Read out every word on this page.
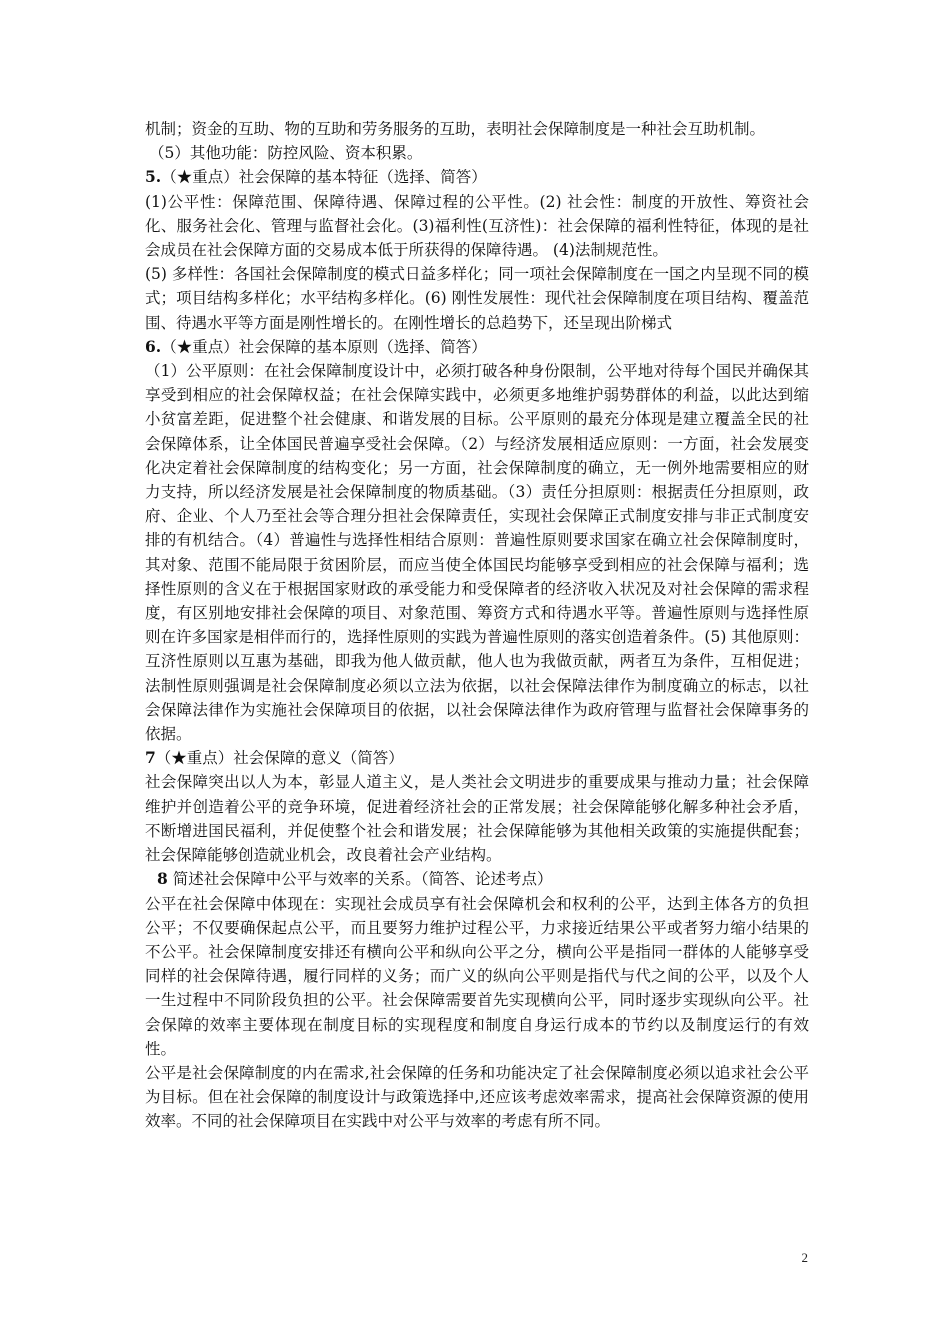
机制；资金的互助、物的互助和劳务服务的互助，表明社会保障制度是一种社会互助机制。

（5）其他功能：防控风险、资本积累。

5.（★重点）社会保障的基本特征（选择、简答）

(1)公平性：保障范围、保障待遇、保障过程的公平性。(2) 社会性：制度的开放性、筹资社会化、服务社会化、管理与监督社会化。(3)福利性(互济性)：社会保障的福利性特征，体现的是社会成员在社会保障方面的交易成本低于所获得的保障待遇。 (4)法制规范性。

(5) 多样性：各国社会保障制度的模式日益多样化；同一项社会保障制度在一国之内呈现不同的模式；项目结构多样化；水平结构多样化。(6) 刚性发展性：现代社会保障制度在项目结构、覆盖范围、待遇水平等方面是刚性增长的。在刚性增长的总趋势下，还呈现出阶梯式

6.（★重点）社会保障的基本原则（选择、简答）

（1）公平原则：在社会保障制度设计中，必须打破各种身份限制，公平地对待每个国民并确保其享受到相应的社会保障权益；在社会保障实践中，必须更多地维护弱势群体的利益，以此达到缩小贫富差距，促进整个社会健康、和谐发展的目标。公平原则的最充分体现是建立覆盖全民的社会保障体系，让全体国民普遍享受社会保障。（2）与经济发展相适应原则：一方面，社会发展变化决定着社会保障制度的结构变化；另一方面，社会保障制度的确立，无一例外地需要相应的财力支持，所以经济发展是社会保障制度的物质基础。（3）责任分担原则：根据责任分担原则，政府、企业、个人乃至社会等合理分担社会保障责任，实现社会保障正式制度安排与非正式制度安排的有机结合。（4）普遍性与选择性相结合原则：普遍性原则要求国家在确立社会保障制度时，其对象、范围不能局限于贫困阶层，而应当使全体国民均能够享受到相应的社会保障与福利；选择性原则的含义在于根据国家财政的承受能力和受保障者的经济收入状况及对社会保障的需求程度，有区别地安排社会保障的项目、对象范围、筹资方式和待遇水平等。普遍性原则与选择性原则在许多国家是相伴而行的，选择性原则的实践为普遍性原则的落实创造着条件。(5) 其他原则：互济性原则以互惠为基础，即我为他人做贡献，他人也为我做贡献，两者互为条件，互相促进；法制性原则强调是社会保障制度必须以立法为依据，以社会保障法律作为制度确立的标志，以社会保障法律作为实施社会保障项目的依据，以社会保障法律作为政府管理与监督社会保障事务的依据。

7（★重点）社会保障的意义（简答）

社会保障突出以人为本，彰显人道主义，是人类社会文明进步的重要成果与推动力量；社会保障维护并创造着公平的竞争环境，促进着经济社会的正常发展；社会保障能够化解多种社会矛盾，不断增进国民福利，并促使整个社会和谐发展；社会保障能够为其他相关政策的实施提供配套；社会保障能够创造就业机会，改良着社会产业结构。

8 简述社会保障中公平与效率的关系。（简答、论述考点）

公平在社会保障中体现在：实现社会成员享有社会保障机会和权利的公平，达到主体各方的负担公平；不仅要确保起点公平，而且要努力维护过程公平，力求接近结果公平或者努力缩小结果的不公平。社会保障制度安排还有横向公平和纵向公平之分，横向公平是指同一群体的人能够享受同样的社会保障待遇，履行同样的义务；而广义的纵向公平则是指代与代之间的公平，以及个人一生过程中不同阶段负担的公平。社会保障需要首先实现横向公平，同时逐步实现纵向公平。社会保障的效率主要体现在制度目标的实现程度和制度自身运行成本的节约以及制度运行的有效性。

公平是社会保障制度的内在需求,社会保障的任务和功能决定了社会保障制度必须以追求社会公平为目标。但在社会保障的制度设计与政策选择中,还应该考虑效率需求，提高社会保障资源的使用效率。不同的社会保障项目在实践中对公平与效率的考虑有所不同。

2
